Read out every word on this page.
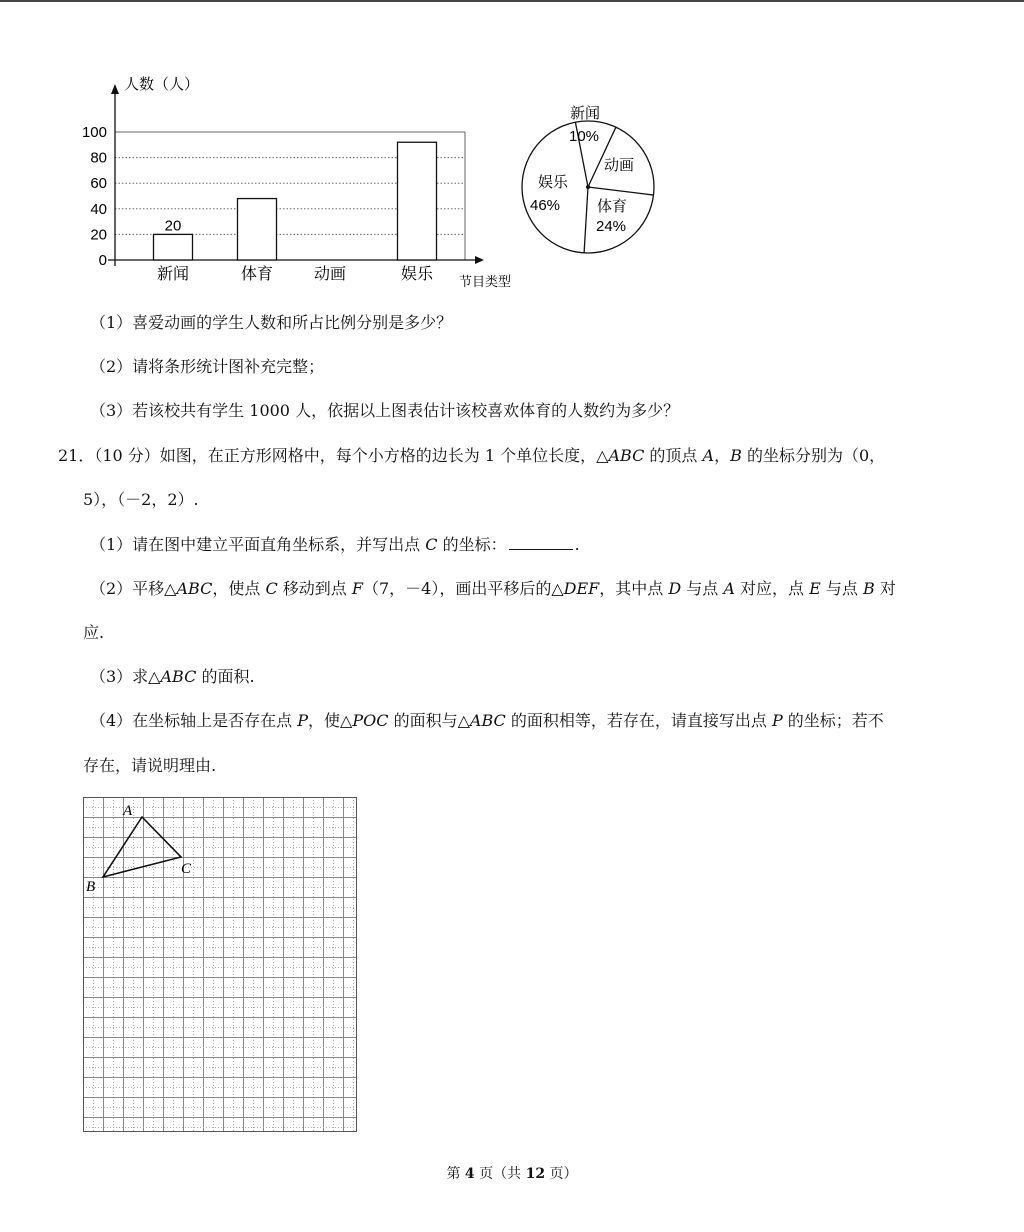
人数（人）
节目类型
0
20
40
60
80
100
新闻	体育	动画	娱乐
20
新闻
10%
动画
体育
24%
娱乐
46%
（1）喜爱动画的学生人数和所占比例分别是多少？
（2）请将条形统计图补充完整；
（3）若该校共有学生 1000 人，依据以上图表估计该校喜欢体育的人数约为多少？
21．（10 分）如图，在正方形网格中，每个小方格的边长为 1 个单位长度，△ABC 的顶点 A，B 的坐标分别为（0，
5），（－2，2）.
（1）请在图中建立平面直角坐标系，并写出点 C 的坐标：	.
（2）平移△ABC，使点 C 移动到点 F（7，－4），画出平移后的△DEF，其中点 D 与点 A 对应，点 E 与点 B 对
应.
（3）求△ABC 的面积.
（4）在坐标轴上是否存在点 P，使△POC 的面积与△ABC 的面积相等，若存在，请直接写出点 P 的坐标；若不
存在，请说明理由.
A
B
C
第 4 页（共 12 页）
